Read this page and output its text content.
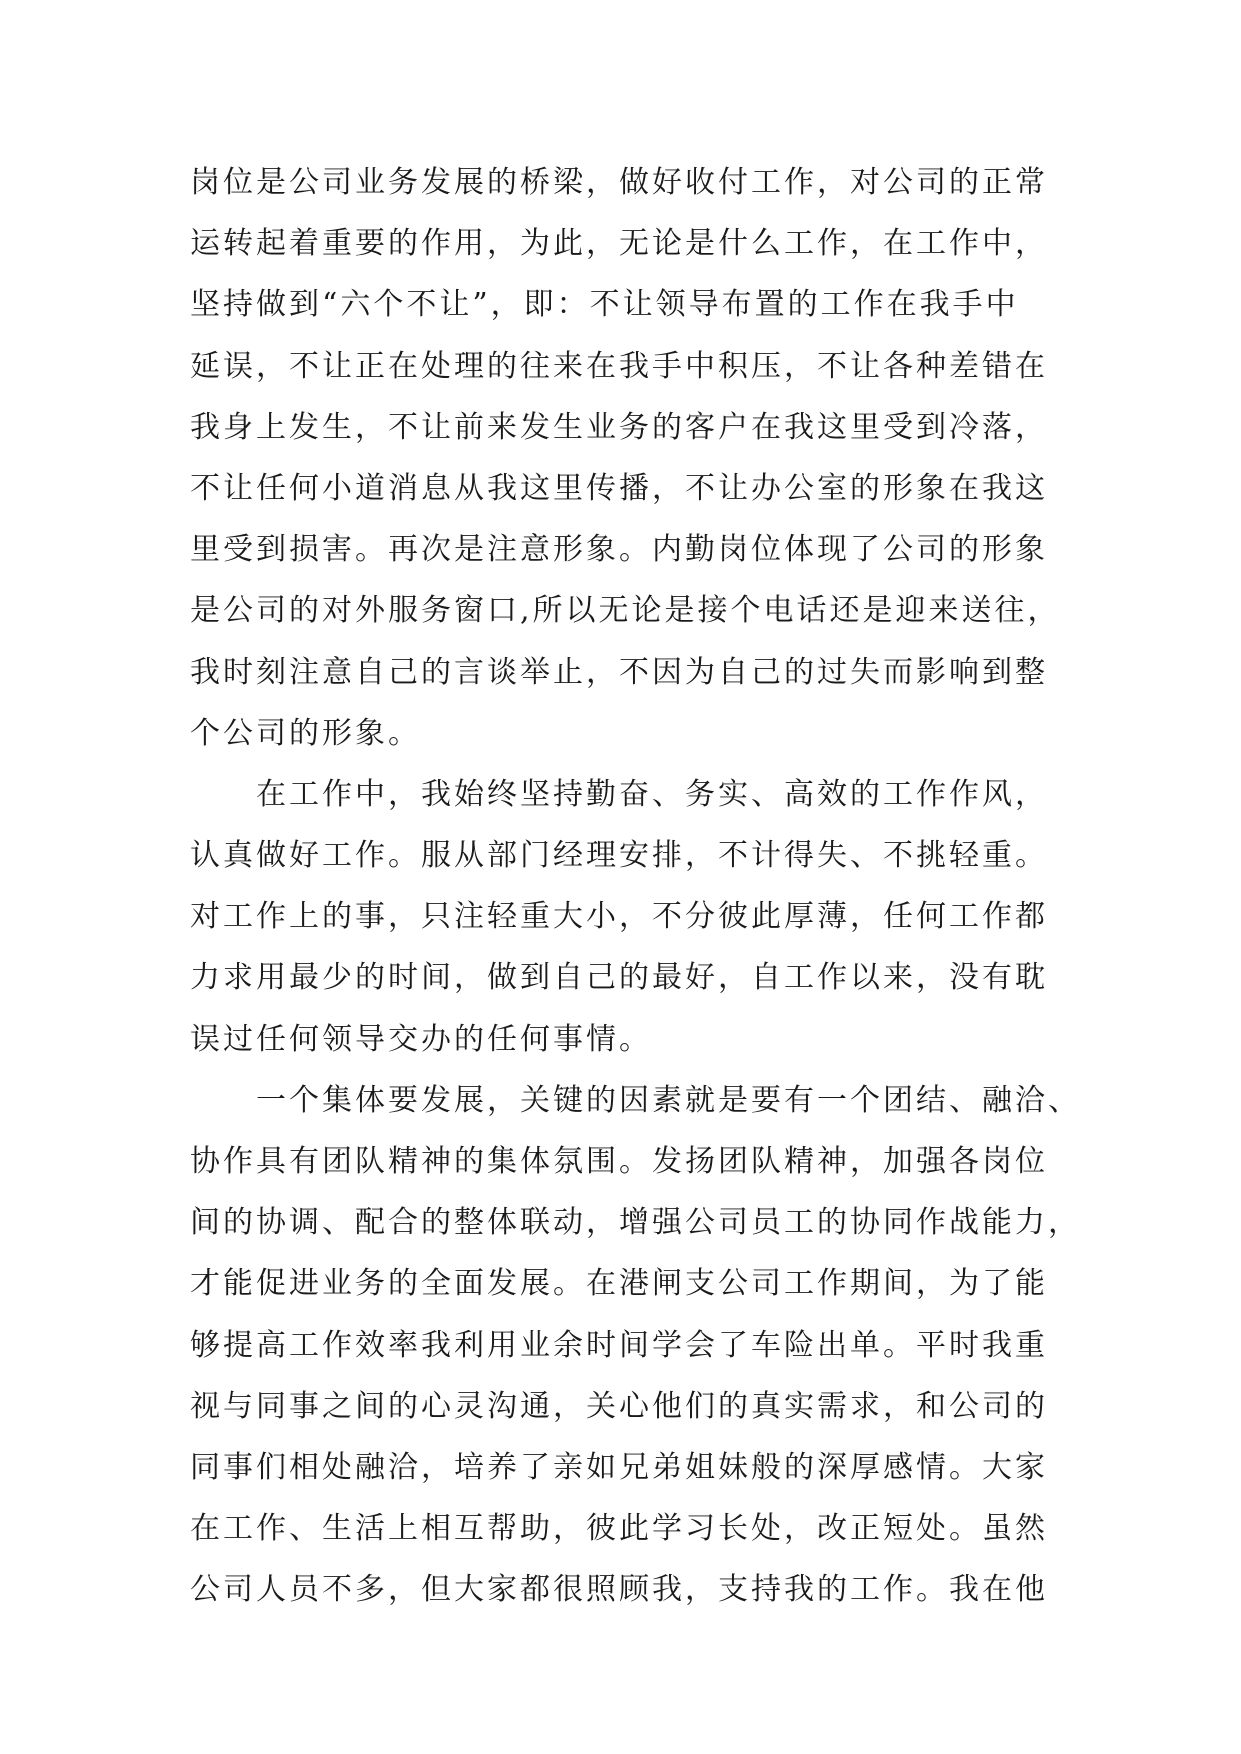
岗位是公司业务发展的桥梁，做好收付工作，对公司的正常
运转起着重要的作用，为此，无论是什么工作，在工作中，
坚持做到“六个不让”，即：不让领导布置的工作在我手中
延误，不让正在处理的往来在我手中积压，不让各种差错在
我身上发生，不让前来发生业务的客户在我这里受到冷落，
不让任何小道消息从我这里传播，不让办公室的形象在我这
里受到损害。再次是注意形象。内勤岗位体现了公司的形象
是公司的对外服务窗口,所以无论是接个电话还是迎来送往，
我时刻注意自己的言谈举止，不因为自己的过失而影响到整
个公司的形象。
在工作中，我始终坚持勤奋、务实、高效的工作作风，
认真做好工作。服从部门经理安排，不计得失、不挑轻重。
对工作上的事，只注轻重大小，不分彼此厚薄，任何工作都
力求用最少的时间，做到自己的最好，自工作以来，没有耽
误过任何领导交办的任何事情。
一个集体要发展，关键的因素就是要有一个团结、融洽、
协作具有团队精神的集体氛围。发扬团队精神，加强各岗位
间的协调、配合的整体联动，增强公司员工的协同作战能力，
才能促进业务的全面发展。在港闸支公司工作期间，为了能
够提高工作效率我利用业余时间学会了车险出单。平时我重
视与同事之间的心灵沟通，关心他们的真实需求，和公司的
同事们相处融洽，培养了亲如兄弟姐妹般的深厚感情。大家
在工作、生活上相互帮助，彼此学习长处，改正短处。虽然
公司人员不多，但大家都很照顾我，支持我的工作。我在他
